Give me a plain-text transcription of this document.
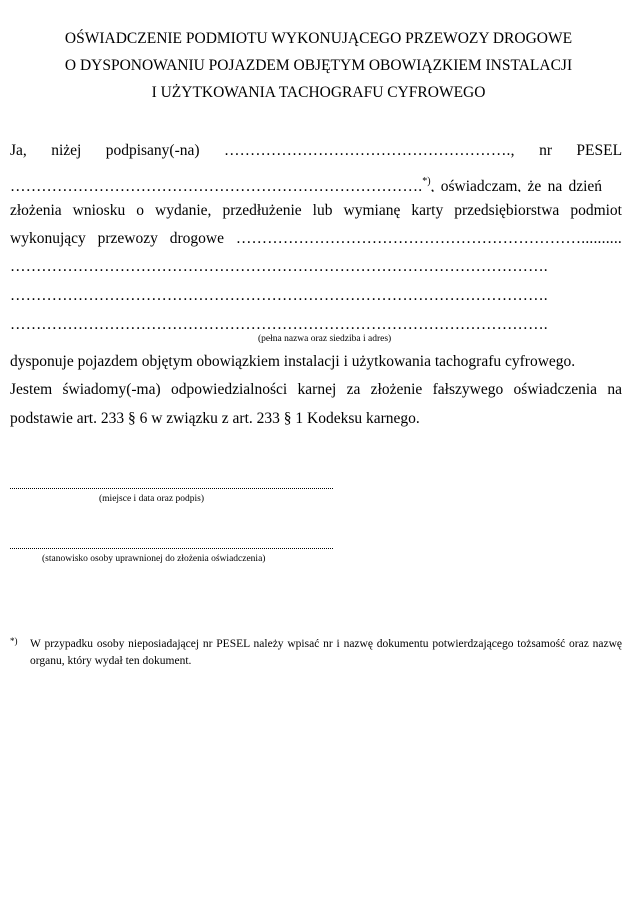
OŚWIADCZENIE PODMIOTU WYKONUJĄCEGO PRZEWOZY DROGOWE
O DYSPONOWANIU POJAZDEM OBJĘTYM OBOWIĄZKIEM INSTALACJI
I UŻYTKOWANIA TACHOGRAFU CYFROWEGO
Ja, niżej podpisany(-na) ………………………………………………., nr PESEL
…………………………………………………………………….*), oświadczam, że na dzień
złożenia wniosku o wydanie, przedłużenie lub wymianę karty przedsiębiorstwa podmiot
wykonujący przewozy drogowe …………………………………………………………..........
………………………………………………………………………………………….
………………………………………………………………………………………….
………………………………………………………………………………………….
(pełna nazwa oraz siedziba i adres)
dysponuje pojazdem objętym obowiązkiem instalacji i użytkowania tachografu cyfrowego.
Jestem świadomy(-ma) odpowiedzialności karnej za złożenie fałszywego oświadczenia na
podstawie art. 233 § 6 w związku z art. 233 § 1 Kodeksu karnego.
(miejsce i data oraz podpis)
(stanowisko osoby uprawnionej do złożenia oświadczenia)
*) W przypadku osoby nieposiadającej nr PESEL należy wpisać nr i nazwę dokumentu potwierdzającego tożsamość oraz nazwę organu, który wydał ten dokument.
